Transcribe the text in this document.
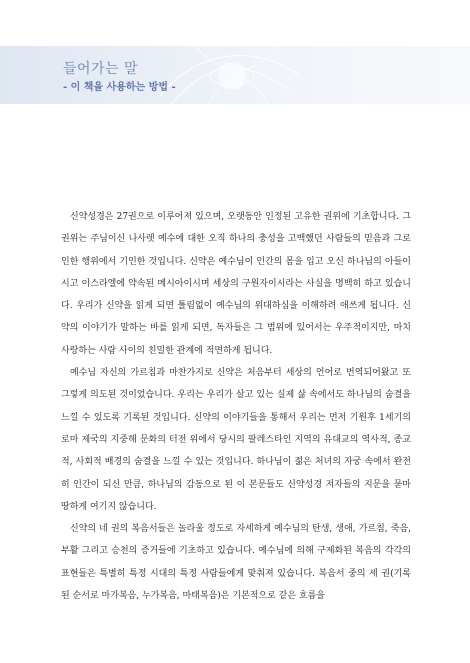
들어가는 말
- 이 책을 사용하는 방법 -

신약성경은 27권으로 이루어져 있으며, 오랫동안 인정된 고유한 권위에 기초합니다. 그 권위는 주님이신 나사렛 예수에 대한 오직 하나의 충성을 고백했던 사람들의 믿음과 그로 인한 행위에서 기인한 것입니다. 신약은 예수님이 인간의 몸을 입고 오신 하나님의 아들이시고 이스라엘에 약속된 메시아이시며 세상의 구원자이시라는 사실을 명백히 하고 있습니다. 우리가 신약을 읽게 되면 틀림없이 예수님의 위대하심을 이해하려 애쓰게 됩니다. 신약의 이야기가 말하는 바를 읽게 되면, 독자들은 그 범위에 있어서는 우주적이지만, 마치 사랑하는 사람 사이의 친밀한 관계에 적면하게 됩니다.

예수님 자신의 가르침과 마찬가지로 신약은 처음부터 세상의 언어로 번역되어왔고 또 그렇게 의도된 것이었습니다. 우리는 우리가 살고 있는 실제 삶 속에서도 하나님의 숨결을 느낄 수 있도록 기록된 것입니다. 신약의 이야기들을 통해서 우리는 먼저 기원후 1세기의 로마 제국의 지중해 문화의 터전 위에서 당시의 팔레스타인 지역의 유대교의 역사적, 종교적, 사회적 배경의 숨결을 느낄 수 있는 것입니다. 하나님이 젊은 처녀의 자궁 속에서 완전히 인간이 되신 만큼, 하나님의 감동으로 된 이 본문들도 신약성경 저자들의 지문을 묻마땅하게 여기지 않습니다.

신약의 네 권의 복음서들은 놀라울 정도로 자세하게 예수님의 탄생, 생애, 가르침, 죽음, 부활 그리고 승천의 증거들에 기초하고 있습니다. 예수님에 의해 구제화된 복음의 각각의 표현들은 특별히 특정 시대의 특정 사람들에게 맞춰져 있습니다. 복음서 중의 세 권(기록된 순서로 마가복음, 누가복음, 마태복음)은 기본적으로 같은 흐름을
